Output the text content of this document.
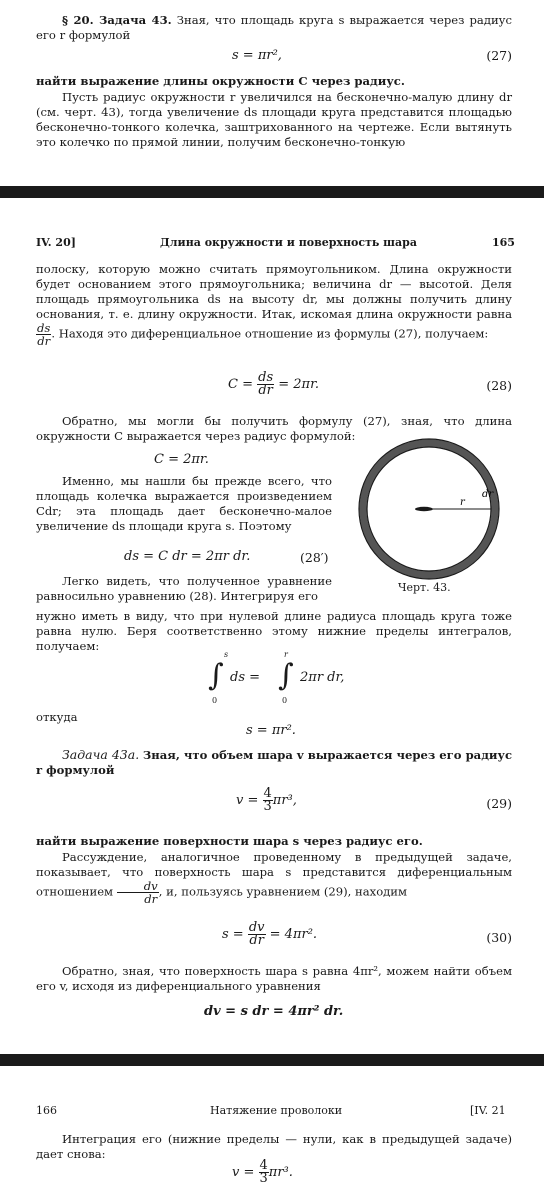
§ 20. Задача 43. Зная, что площадь круга s выражается через радиус его r формулой

s = πr²,	(27)

найти выражение длины окружности C через радиус.

Пусть радиус окружности r увеличился на бесконечно-малую длину dr (см. черт. 43), тогда увеличение ds площади круга представится площадью бесконечно-тонкого колечка, заштрихованного на чертеже. Если вытянуть это колечко по прямой линии, получим бесконечно-тонкую

IV. 20]	Длина окружности и поверхность шара	165

полоску, которую можно считать прямоугольником. Длина окружности будет основанием этого прямоугольника; величина dr — высотой. Деля площадь прямоугольника ds на высоту dr, мы должны получить длину основания, т. е. длину окружности. Итак, искомая длина окружности равна
$\frac{ds}{dr}$ . Находя это диференциальное отношение из формулы (27), получаем:

$C = \frac{ds}{dr} = 2\pi r$.	(28)

Обратно, мы могли бы получить формулу (27), зная, что длина окружности C выражается через радиус формулой:

C = 2πr.

Именно, мы нашли бы прежде всего, что площадь колечка выражается произведением Cdr; эта площадь дает бесконечно-малое увеличение ds площади круга s. Поэтому

ds = C dr = 2πr dr.	(28′)

Легко видеть, что полученное уравнение равносильно уравнению (28). Интегрируя его

нужно иметь в виду, что при нулевой длине радиуса площадь круга тоже равна нулю. Беря соответственно этому нижние пределы интегралов, получаем:

r
dr
Черт. 43.
∫
s
0
ds = ∫
r
0
2πr dr,

откуда

s = πr².

Задача 43а. Зная, что объем шара v выражается через его радиус r формулой

$v = \frac{4}{3} \pi r^3$,	(29)

найти выражение поверхности шара s через радиус его.

Рассуждение, аналогичное проведенному в предыдущей задаче, показывает, что поверхность шара s представится диференциальным отношением $\frac{dv}{dr}$ , и, пользуясь уравнением (29), находим

$s = \frac{dv}{dr} = 4\pi r^2$.	(30)

Обратно, зная, что поверхность шара s равна 4πr², можем найти объем его v, исходя из диференциального уравнения

dv = s dr = 4πr² dr.
166	Натяжение проволоки	[IV. 21

Интеграция его (нижние пределы — нули, как в предыдущей задаче) дает снова:

$v = \frac{4}{3} \pi r^3$.
